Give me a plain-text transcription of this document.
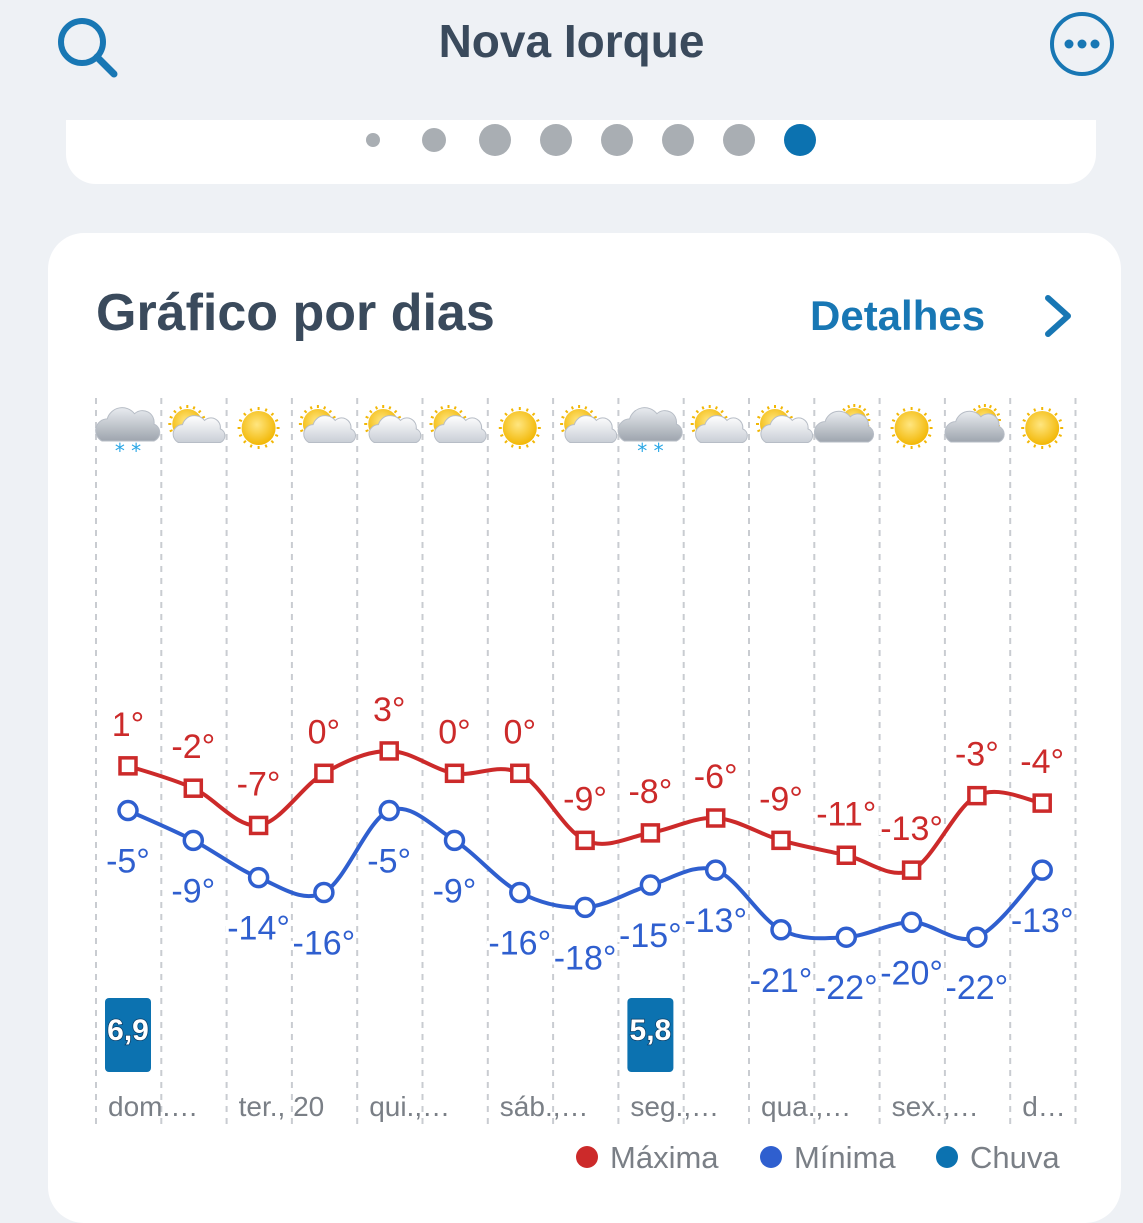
Nova Iorque
Gráfico por dias	Detalhes
* *	* *
6,9	5,8
1°
-2°
-7°
0°
3°
0° 0°
-9° -8° -6°
-9° -11° -13°
-3° -4°
-5°
-9°
-14° -16°
-5°
-9°
-16° -18°
-15° -13°
-21° -22° -20° -22°
-13°
dom.… ter., 20 qui.,… sáb.,… seg.,… qua.,… sex.,… d…
Máxima	Mínima	Chuva
